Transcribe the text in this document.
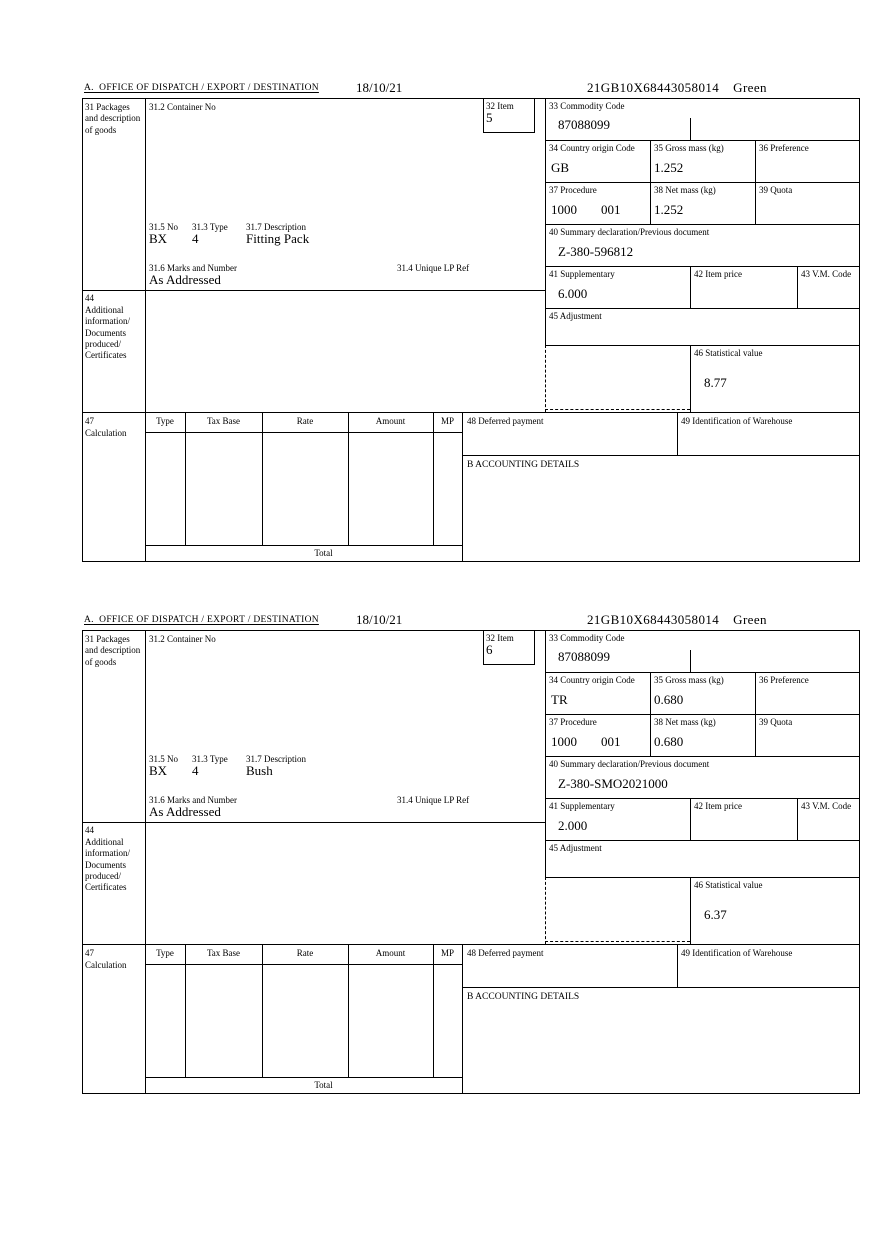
A.  OFFICE OF DISPATCH / EXPORT / DESTINATION	18/10/21	21GB10X68443058014 Green
31 Packages and description of goods
44
Additional information/ Documents produced/ Certificates
47
Calculation
31.2 Container No
31.5 No 31.3 Type 31.7 Description
BX 4	Fitting Pack
31.6 Marks and Number	31.4 Unique LP Ref
As Addressed
32 Item
5
33 Commodity Code
87088099
34 Country origin Code
GB
35 Gross mass (kg)
1.252
36 Preference
37 Procedure
1000 001
38 Net mass (kg)
1.252
39 Quota
40 Summary declaration/Previous document
Z-380-596812
41 Supplementary
6.000
42 Item price	43 V.M. Code
45 Adjustment
46 Statistical value
8.77
Type	Tax Base	Rate	Amount	MP
Total
48 Deferred payment	49 Identification of Warehouse
B ACCOUNTING DETAILS
A.  OFFICE OF DISPATCH / EXPORT / DESTINATION	18/10/21	21GB10X68443058014 Green
31 Packages and description of goods
44
Additional information/ Documents produced/ Certificates
47
Calculation
31.2 Container No
31.5 No 31.3 Type 31.7 Description
BX 4	Bush
31.6 Marks and Number	31.4 Unique LP Ref
As Addressed
32 Item
6
33 Commodity Code
87088099
34 Country origin Code
TR
35 Gross mass (kg)
0.680
36 Preference
37 Procedure
1000 001
38 Net mass (kg)
0.680
39 Quota
40 Summary declaration/Previous document
Z-380-SMO2021000
41 Supplementary
2.000
42 Item price	43 V.M. Code
45 Adjustment
46 Statistical value
6.37
Type	Tax Base	Rate	Amount	MP
Total
48 Deferred payment	49 Identification of Warehouse
B ACCOUNTING DETAILS
